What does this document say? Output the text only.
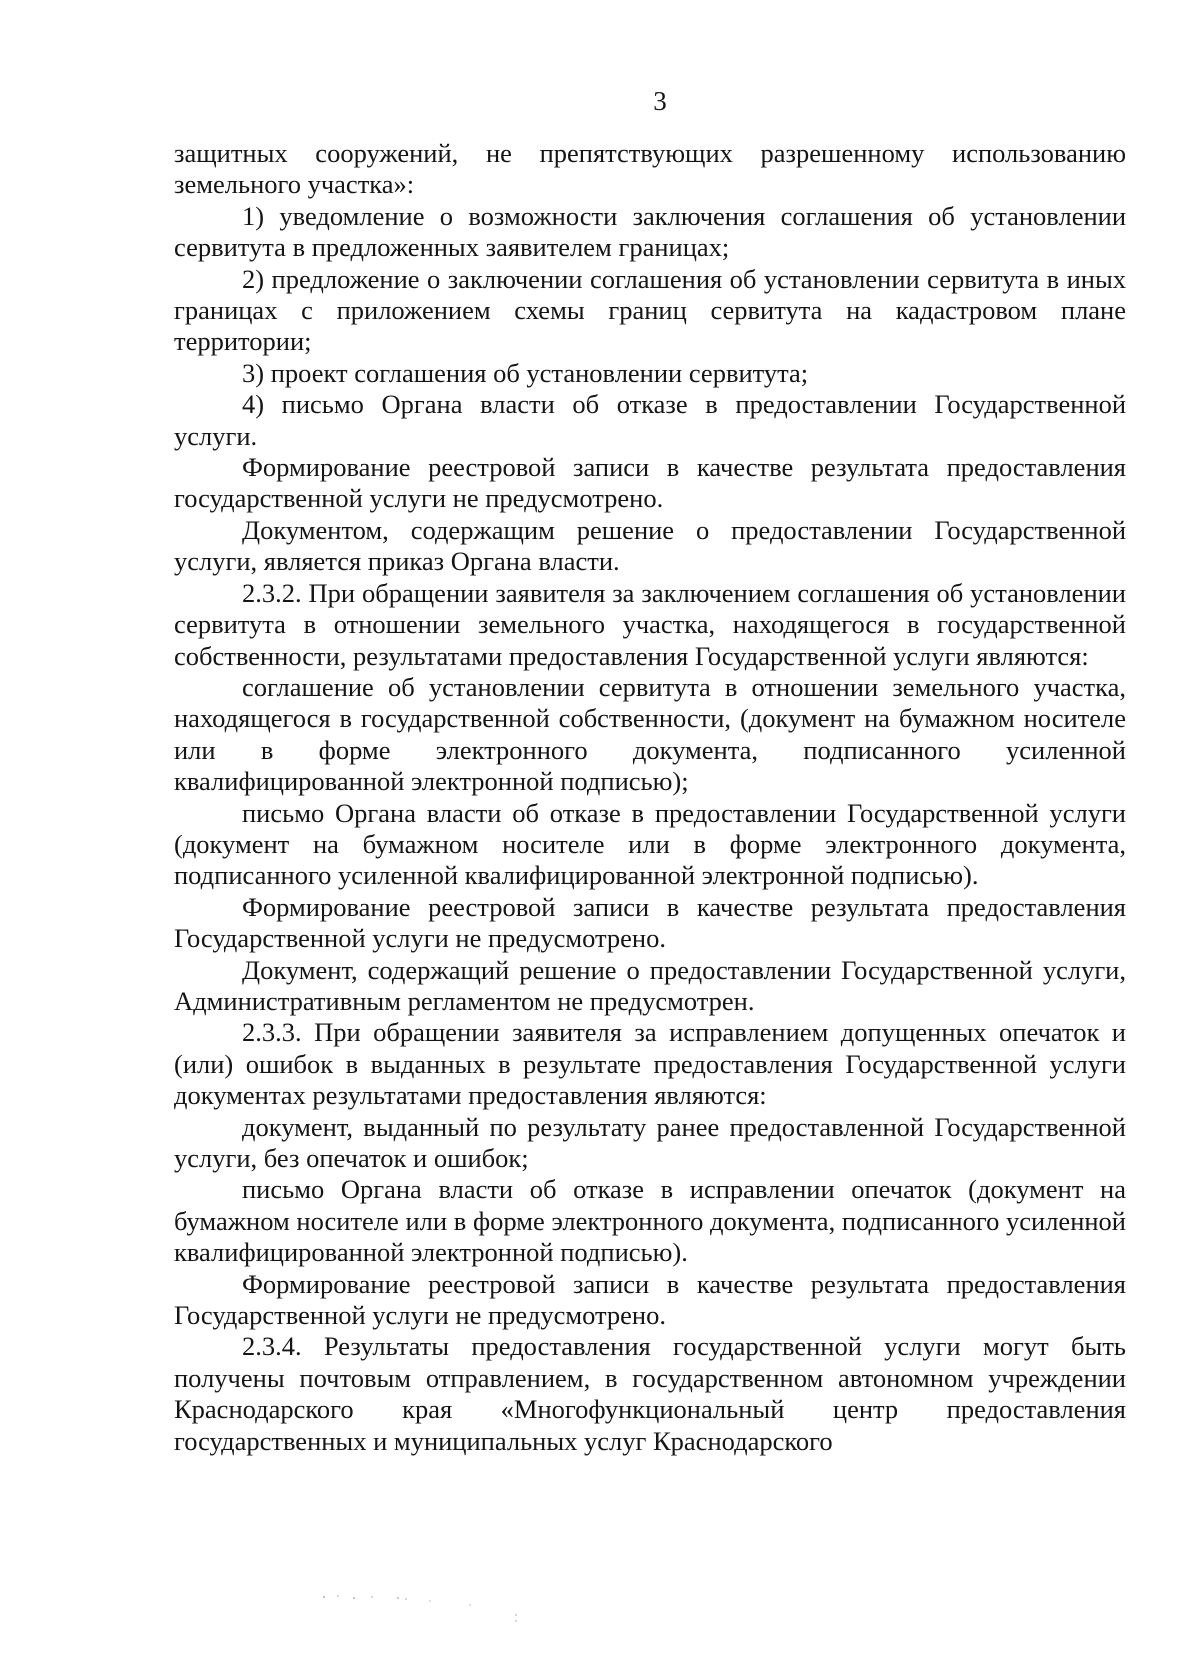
3

защитных сооружений, не препятствующих разрешенному использованию земельного участка»:

1) уведомление о возможности заключения соглашения об установлении сервитута в предложенных заявителем границах;

2) предложение о заключении соглашения об установлении сервитута в иных границах с приложением схемы границ сервитута на кадастровом плане территории;

3) проект соглашения об установлении сервитута;

4) письмо Органа власти об отказе в предоставлении Государственной услуги.

Формирование реестровой записи в качестве результата предоставления государственной услуги не предусмотрено.

Документом, содержащим решение о предоставлении Государственной услуги, является приказ Органа власти.

2.3.2. При обращении заявителя за заключением соглашения об установлении сервитута в отношении земельного участка, находящегося в государственной собственности, результатами предоставления Государственной услуги являются:

соглашение об установлении сервитута в отношении земельного участка, находящегося в государственной собственности, (документ на бумажном носителе или в форме электронного документа, подписанного усиленной квалифицированной электронной подписью);

письмо Органа власти об отказе в предоставлении Государственной услуги (документ на бумажном носителе или в форме электронного документа, подписанного усиленной квалифицированной электронной подписью).

Формирование реестровой записи в качестве результата предоставления Государственной услуги не предусмотрено.

Документ, содержащий решение о предоставлении Государственной услуги, Административным регламентом не предусмотрен.

2.3.3. При обращении заявителя за исправлением допущенных опечаток и (или) ошибок в выданных в результате предоставления Государственной услуги документах результатами предоставления являются:

документ, выданный по результату ранее предоставленной Государственной услуги, без опечаток и ошибок;

письмо Органа власти об отказе в исправлении опечаток (документ на бумажном носителе или в форме электронного документа, подписанного усиленной квалифицированной электронной подписью).

Формирование реестровой записи в качестве результата предоставления Государственной услуги не предусмотрено.

2.3.4. Результаты предоставления государственной услуги могут быть получены почтовым отправлением, в государственном автономном учреждении Краснодарского края «Многофункциональный центр предоставления государственных и муниципальных услуг Краснодарского
